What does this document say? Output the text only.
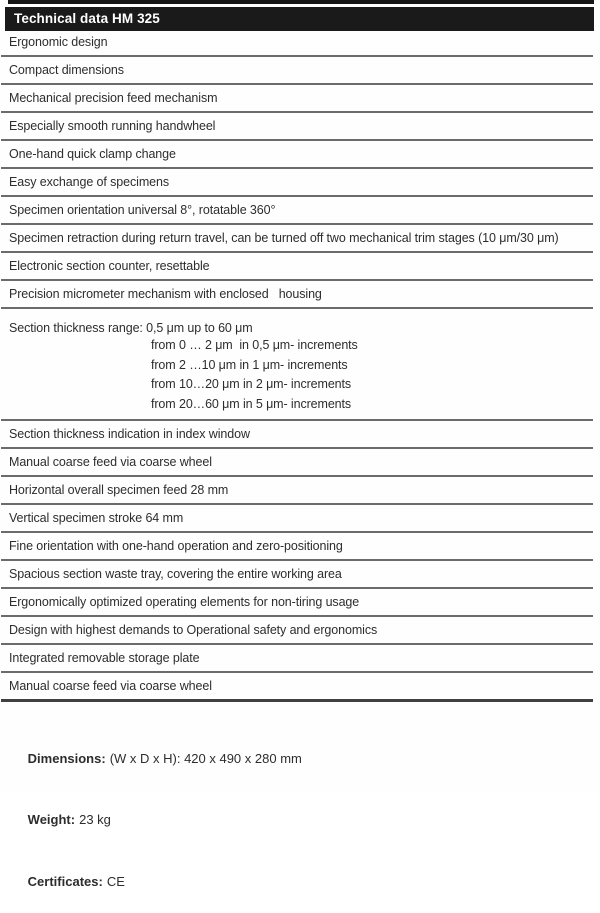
Technical data HM 325
Ergonomic design
Compact dimensions
Mechanical precision feed mechanism
Especially smooth running handwheel
One-hand quick clamp change
Easy exchange of specimens
Specimen orientation universal 8°, rotatable 360°
Specimen retraction during return travel, can be turned off two mechanical trim stages (10 μm/30 μm)
Electronic section counter, resettable
Precision micrometer mechanism with enclosed   housing
Section thickness range: 0,5 μm up to 60 μm
from 0 … 2 μm  in 0,5 μm- increments
from 2 …10 μm in 1 μm- increments
from 10…20 μm in 2 μm- increments
from 20…60 μm in 5 μm- increments
Section thickness indication in index window
Manual coarse feed via coarse wheel
Horizontal overall specimen feed 28 mm
Vertical specimen stroke 64 mm
Fine orientation with one-hand operation and zero-positioning
Spacious section waste tray, covering the entire working area
Ergonomically optimized operating elements for non-tiring usage
Design with highest demands to Operational safety and ergonomics
Integrated removable storage plate
Manual coarse feed via coarse wheel

Dimensions: (W x D x H): 420 x 490 x 280 mm

Weight: 23 kg

Certificates: CE
